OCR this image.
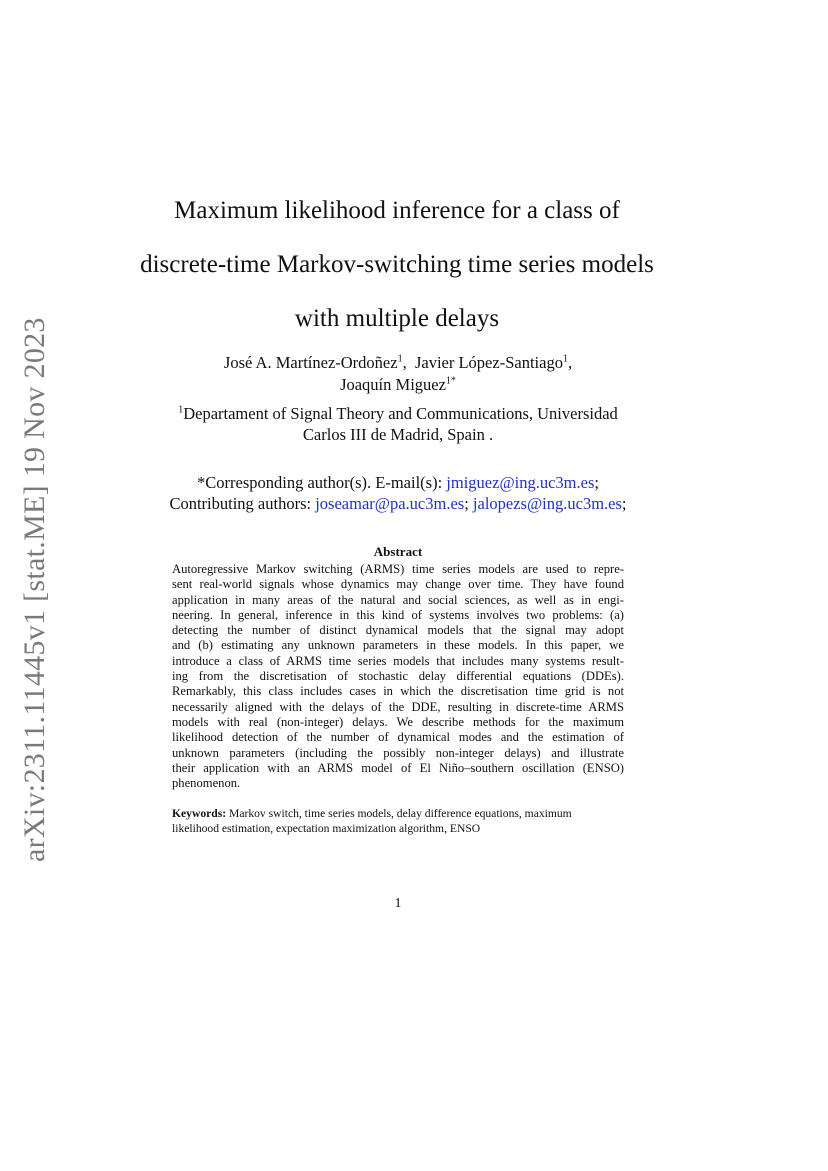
arXiv:2311.11445v1 [stat.ME] 19 Nov 2023
Maximum likelihood inference for a class of
discrete-time Markov-switching time series models
with multiple delays
José A. Martínez-Ordoñez$^1$,  Javier López-Santiago$^1$,
Joaquín Miguez$^{1*}$
$^1$Departament of Signal Theory and Communications, Universidad
Carlos III de Madrid, Spain .
*Corresponding author(s). E-mail(s): jmiguez@ing.uc3m.es;
Contributing authors: joseamar@pa.uc3m.es; jalopezs@ing.uc3m.es;
Abstract
Autoregressive Markov switching (ARMS) time series models are used to repre-
sent real-world signals whose dynamics may change over time. They have found
application in many areas of the natural and social sciences, as well as in engi-
neering. In general, inference in this kind of systems involves two problems: (a)
detecting the number of distinct dynamical models that the signal may adopt
and (b) estimating any unknown parameters in these models. In this paper, we
introduce a class of ARMS time series models that includes many systems result-
ing from the discretisation of stochastic delay differential equations (DDEs).
Remarkably, this class includes cases in which the discretisation time grid is not
necessarily aligned with the delays of the DDE, resulting in discrete-time ARMS
models with real (non-integer) delays. We describe methods for the maximum
likelihood detection of the number of dynamical modes and the estimation of
unknown parameters (including the possibly non-integer delays) and illustrate
their application with an ARMS model of El Niño–southern oscillation (ENSO)
phenomenon.
Keywords: Markov switch, time series models, delay difference equations, maximum
likelihood estimation, expectation maximization algorithm, ENSO
1
